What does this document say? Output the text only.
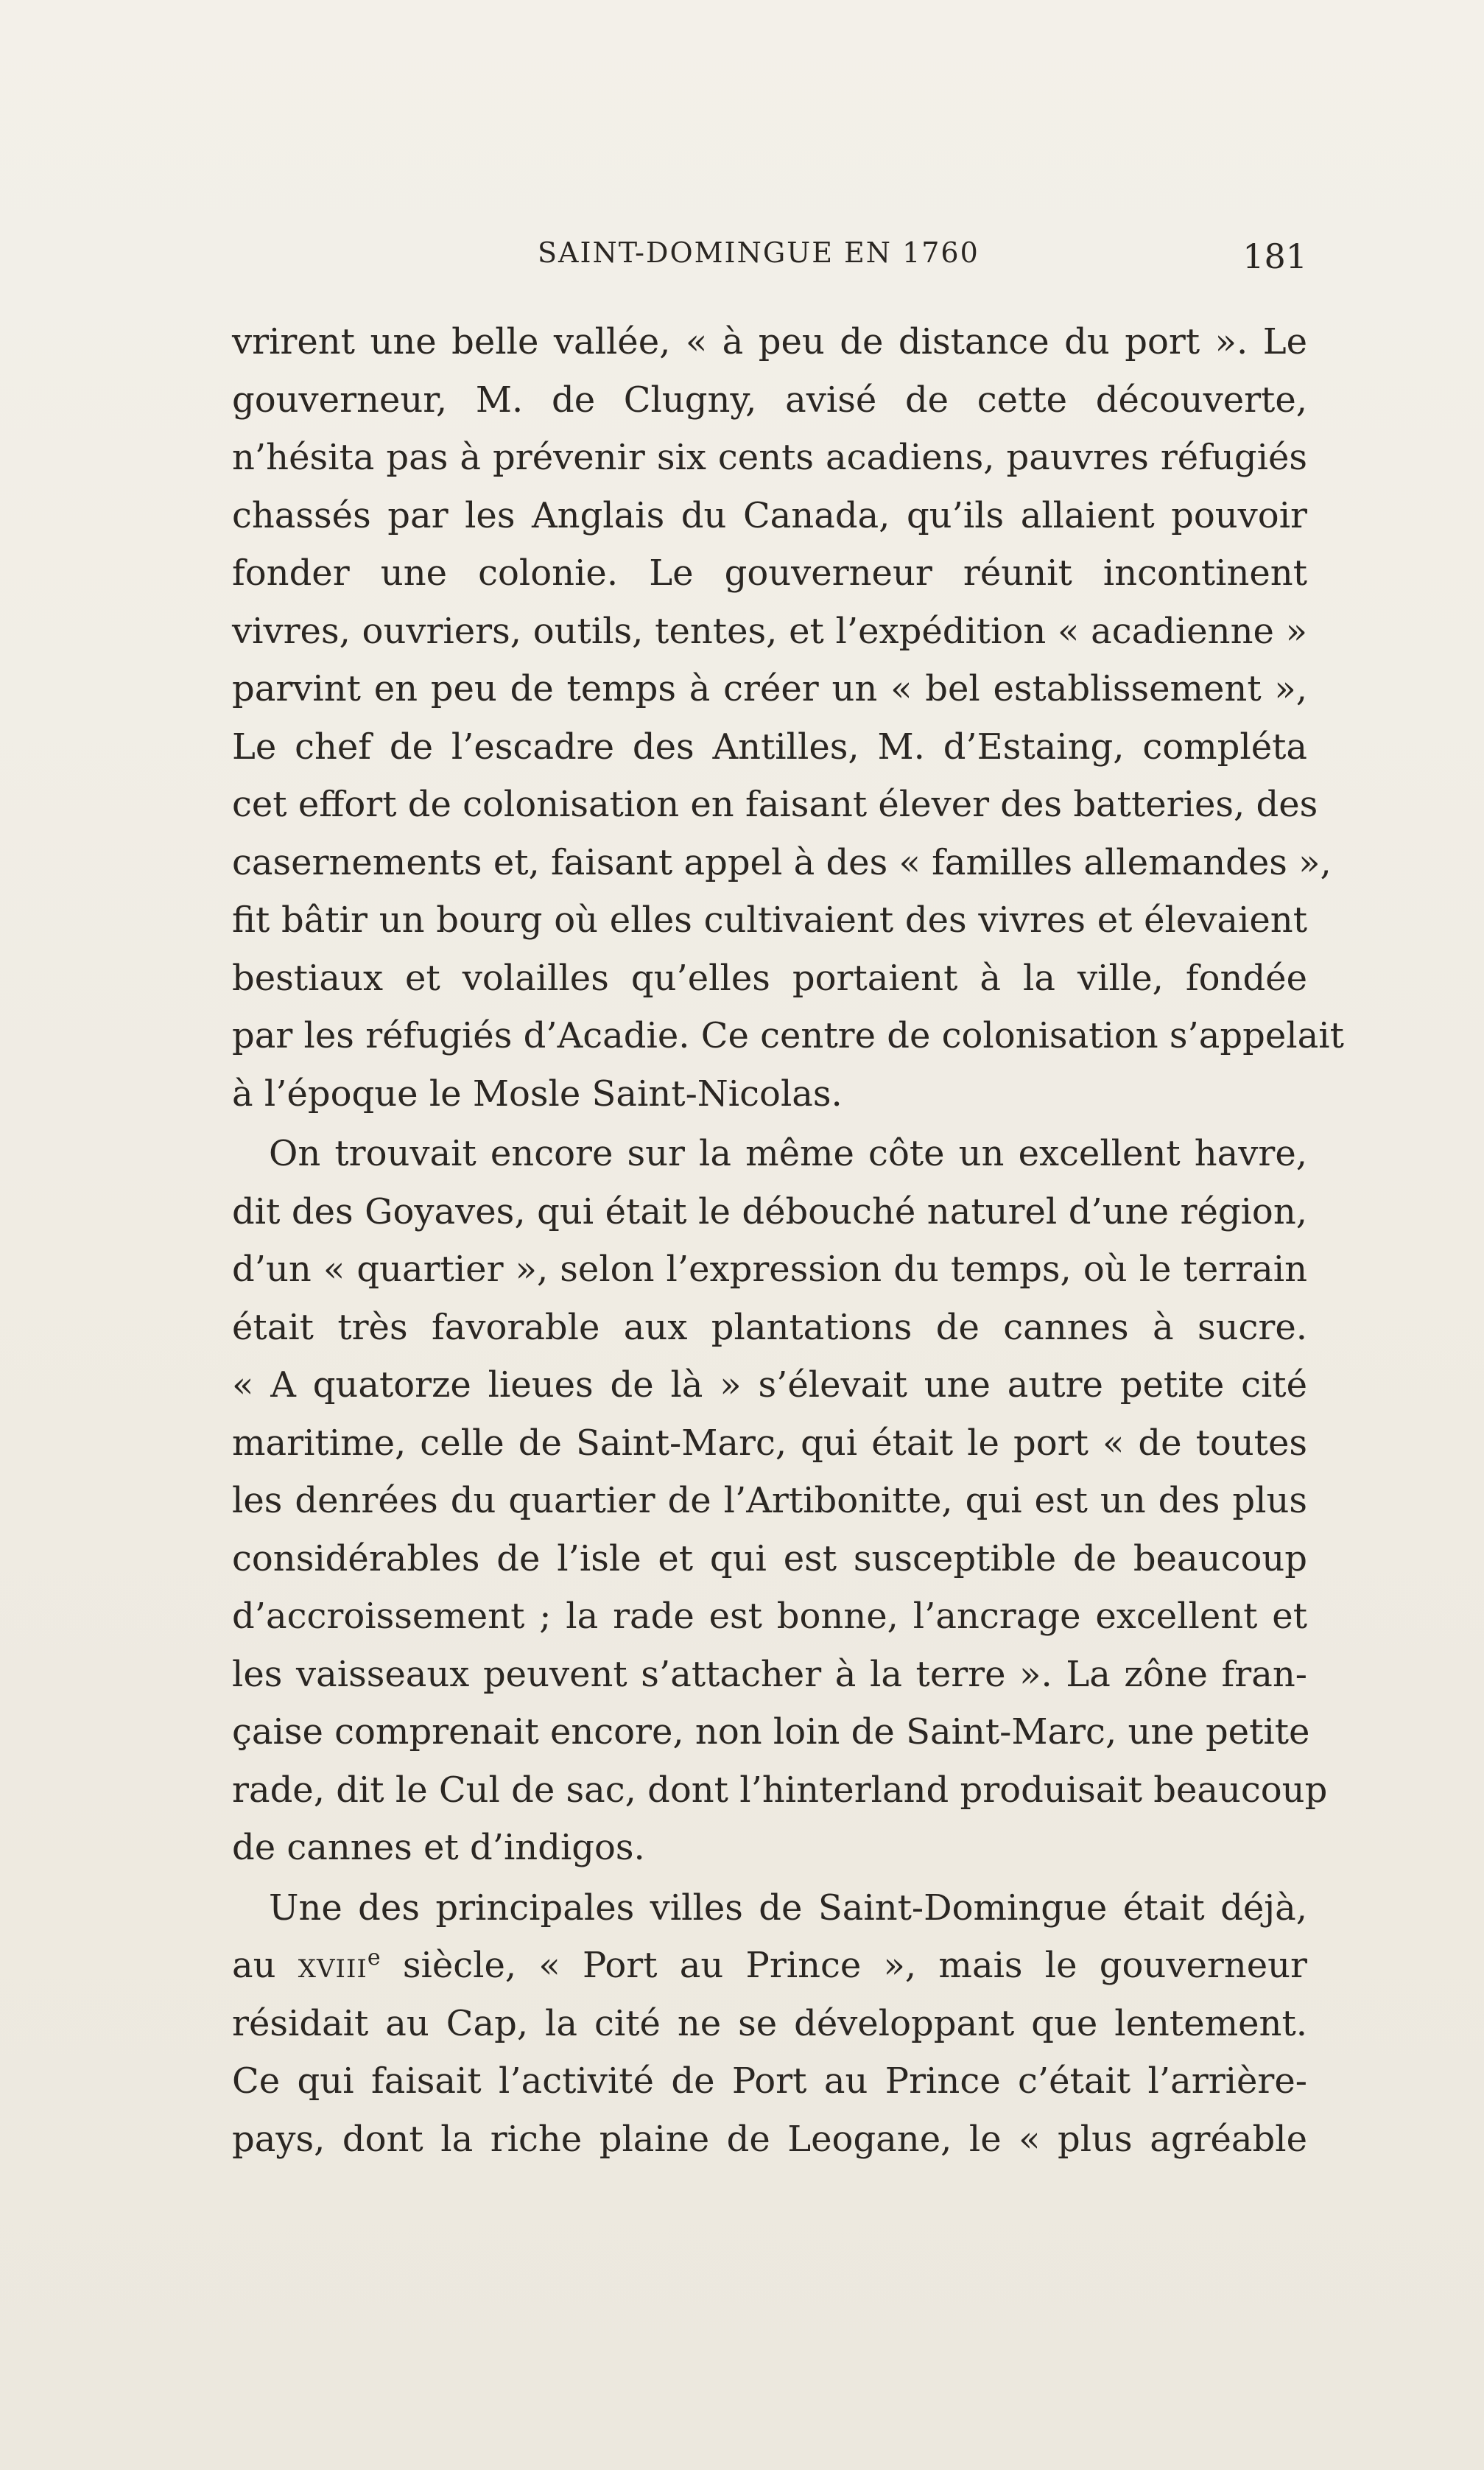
SAINT-DOMINGUE EN 1760	181

vrirent une belle vallée, « à peu de distance du port ». Le
gouverneur, M. de Clugny, avisé de cette découverte,
n’hésita pas à prévenir six cents acadiens, pauvres réfugiés
chassés par les Anglais du Canada, qu’ils allaient pouvoir
fonder une colonie. Le gouverneur réunit incontinent
vivres, ouvriers, outils, tentes, et l’expédition « acadienne »
parvint en peu de temps à créer un « bel establissement »,
Le chef de l’escadre des Antilles, M. d’Estaing, compléta
cet effort de colonisation en faisant élever des batteries, des
casernements et, faisant appel à des « familles allemandes »,
fit bâtir un bourg où elles cultivaient des vivres et élevaient
bestiaux et volailles qu’elles portaient à la ville, fondée
par les réfugiés d’Acadie. Ce centre de colonisation s’appelait
à l’époque le Mosle Saint-Nicolas.

On trouvait encore sur la même côte un excellent havre,
dit des Goyaves, qui était le débouché naturel d’une région,
d’un « quartier », selon l’expression du temps, où le terrain
était très favorable aux plantations de cannes à sucre.
« A quatorze lieues de là » s’élevait une autre petite cité
maritime, celle de Saint-Marc, qui était le port « de toutes
les denrées du quartier de l’Artibonitte, qui est un des plus
considérables de l’isle et qui est susceptible de beaucoup
d’accroissement ; la rade est bonne, l’ancrage excellent et
les vaisseaux peuvent s’attacher à la terre ». La zône fran-
çaise comprenait encore, non loin de Saint-Marc, une petite
rade, dit le Cul de sac, dont l’hinterland produisait beaucoup
de cannes et d’indigos.

Une des principales villes de Saint-Domingue était déjà,
au xviii$^e$ siècle, « Port au Prince », mais le gouverneur
résidait au Cap, la cité ne se développant que lentement.
Ce qui faisait l’activité de Port au Prince c’était l’arrière-
pays, dont la riche plaine de Leogane, le « plus agréable
